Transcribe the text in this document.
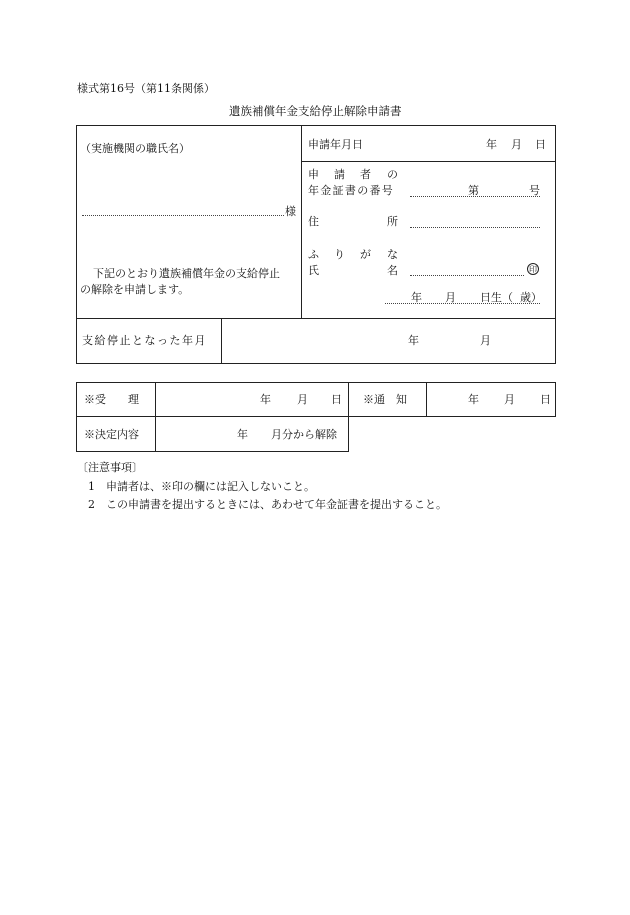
様式第16号（第11条関係）
遺族補償年金支給停止解除申請書
（実施機関の職氏名）
様
下記のとおり遺族補償年金の支給停止
の解除を申請します。
申請年月日	年 月 日
申 請 者 の
年金証書の番号	第	号
住	所
ふ り が な
氏	名	印
年 月 日生（ 歳）
支給停止となった年月	年	月
※受　　理	年 月 日 ※通　知	年 月 日
※決定内容	年 月分から解除
〔注意事項〕
1 申請者は、※印の欄には記入しないこと。
2 この申請書を提出するときには、あわせて年金証書を提出すること。
